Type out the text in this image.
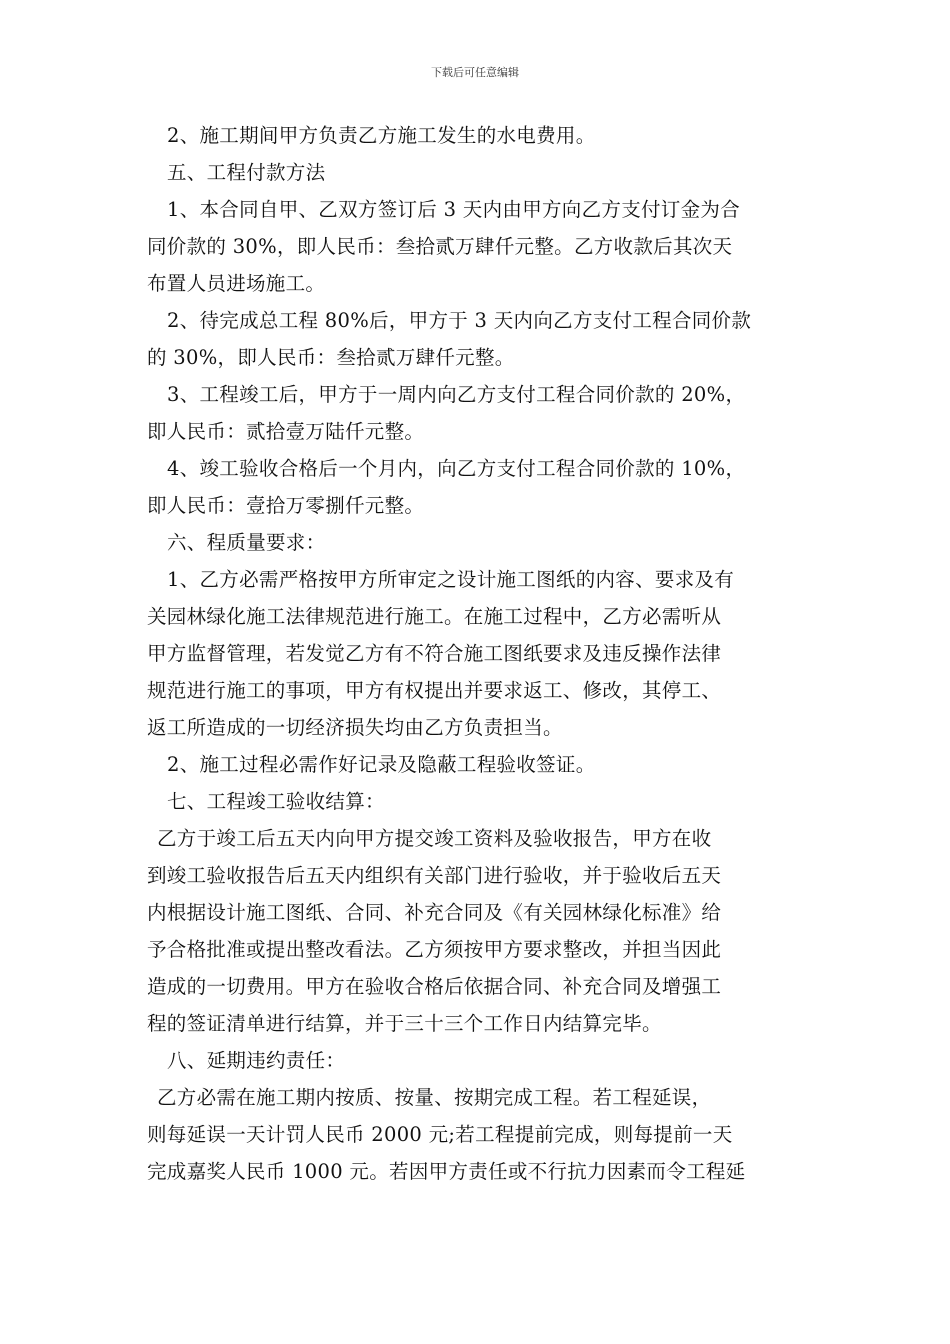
下载后可任意编辑
2、施工期间甲方负责乙方施工发生的水电费用。
五、工程付款方法
1、本合同自甲、乙双方签订后 3 天内由甲方向乙方支付订金为合
同价款的 30%，即人民币：叁拾贰万肆仟元整。乙方收款后其次天
布置人员进场施工。
2、待完成总工程 80%后，甲方于 3 天内向乙方支付工程合同价款
的 30%，即人民币：叁拾贰万肆仟元整。
3、工程竣工后，甲方于一周内向乙方支付工程合同价款的 20%，
即人民币：贰拾壹万陆仟元整。
4、竣工验收合格后一个月内，向乙方支付工程合同价款的 10%，
即人民币：壹拾万零捌仟元整。
六、程质量要求：
1、乙方必需严格按甲方所审定之设计施工图纸的内容、要求及有
关园林绿化施工法律规范进行施工。在施工过程中，乙方必需听从
甲方监督管理，若发觉乙方有不符合施工图纸要求及违反操作法律
规范进行施工的事项，甲方有权提出并要求返工、修改，其停工、
返工所造成的一切经济损失均由乙方负责担当。
2、施工过程必需作好记录及隐蔽工程验收签证。
七、工程竣工验收结算：
乙方于竣工后五天内向甲方提交竣工资料及验收报告，甲方在收
到竣工验收报告后五天内组织有关部门进行验收，并于验收后五天
内根据设计施工图纸、合同、补充合同及《有关园林绿化标准》给
予合格批准或提出整改看法。乙方须按甲方要求整改，并担当因此
造成的一切费用。甲方在验收合格后依据合同、补充合同及增强工
程的签证清单进行结算，并于三十三个工作日内结算完毕。
八、延期违约责任：
乙方必需在施工期内按质、按量、按期完成工程。若工程延误，
则每延误一天计罚人民币 2000 元;若工程提前完成，则每提前一天
完成嘉奖人民币 1000 元。若因甲方责任或不行抗力因素而令工程延
